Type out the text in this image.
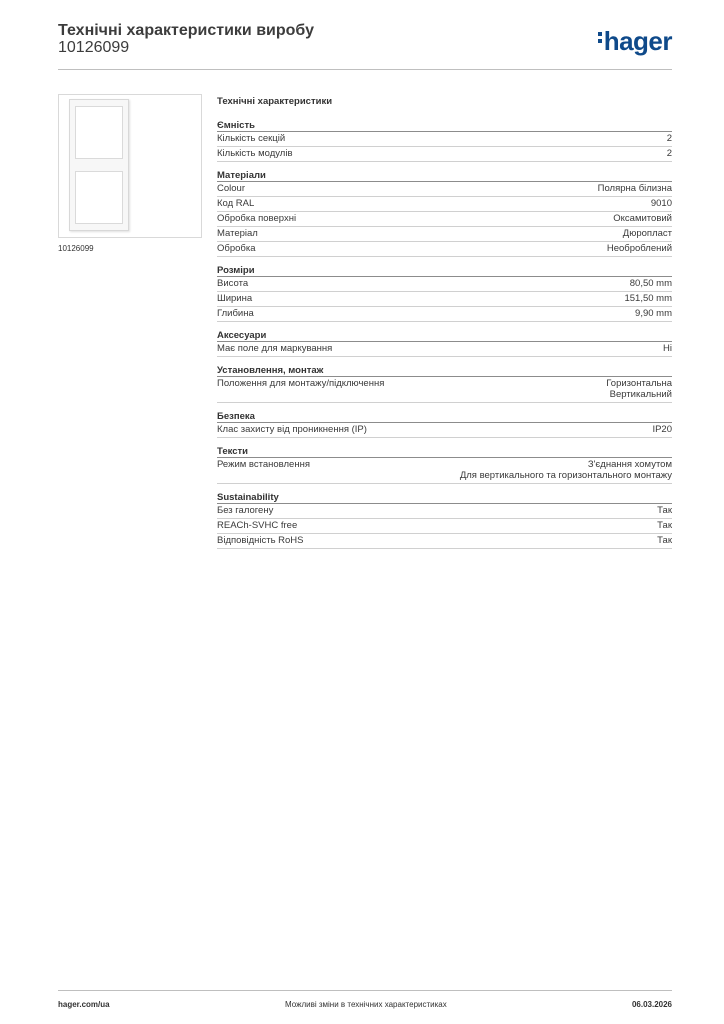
Технічні характеристики виробу
10126099	hager
10126099
Технічні характеристики
Ємність
Кількість секцій	2
Кількість модулів	2
Матеріали
Colour	Полярна білизна
Код RAL	9010
Обробка поверхні	Оксамитовий
Матеріал	Дюропласт
Обробка	Необроблений
Розміри
Висота	80,50 mm
Ширина	151,50 mm
Глибина	9,90 mm
Аксесуари
Має поле для маркування	Ні
Установлення, монтаж
Положення для монтажу/підключення	Горизонтальна
Вертикальний
Безпека
Клас захисту від проникнення (IP)	IP20
Тексти
Режим встановлення	З'єднання хомутом
Для вертикального та горизонтального монтажу
Sustainability
Без галогену	Так
REACh-SVHC free	Так
Відповідність RoHS	Так
hager.com/ua	Можливі зміни в технічних характеристиках	06.03.2026
